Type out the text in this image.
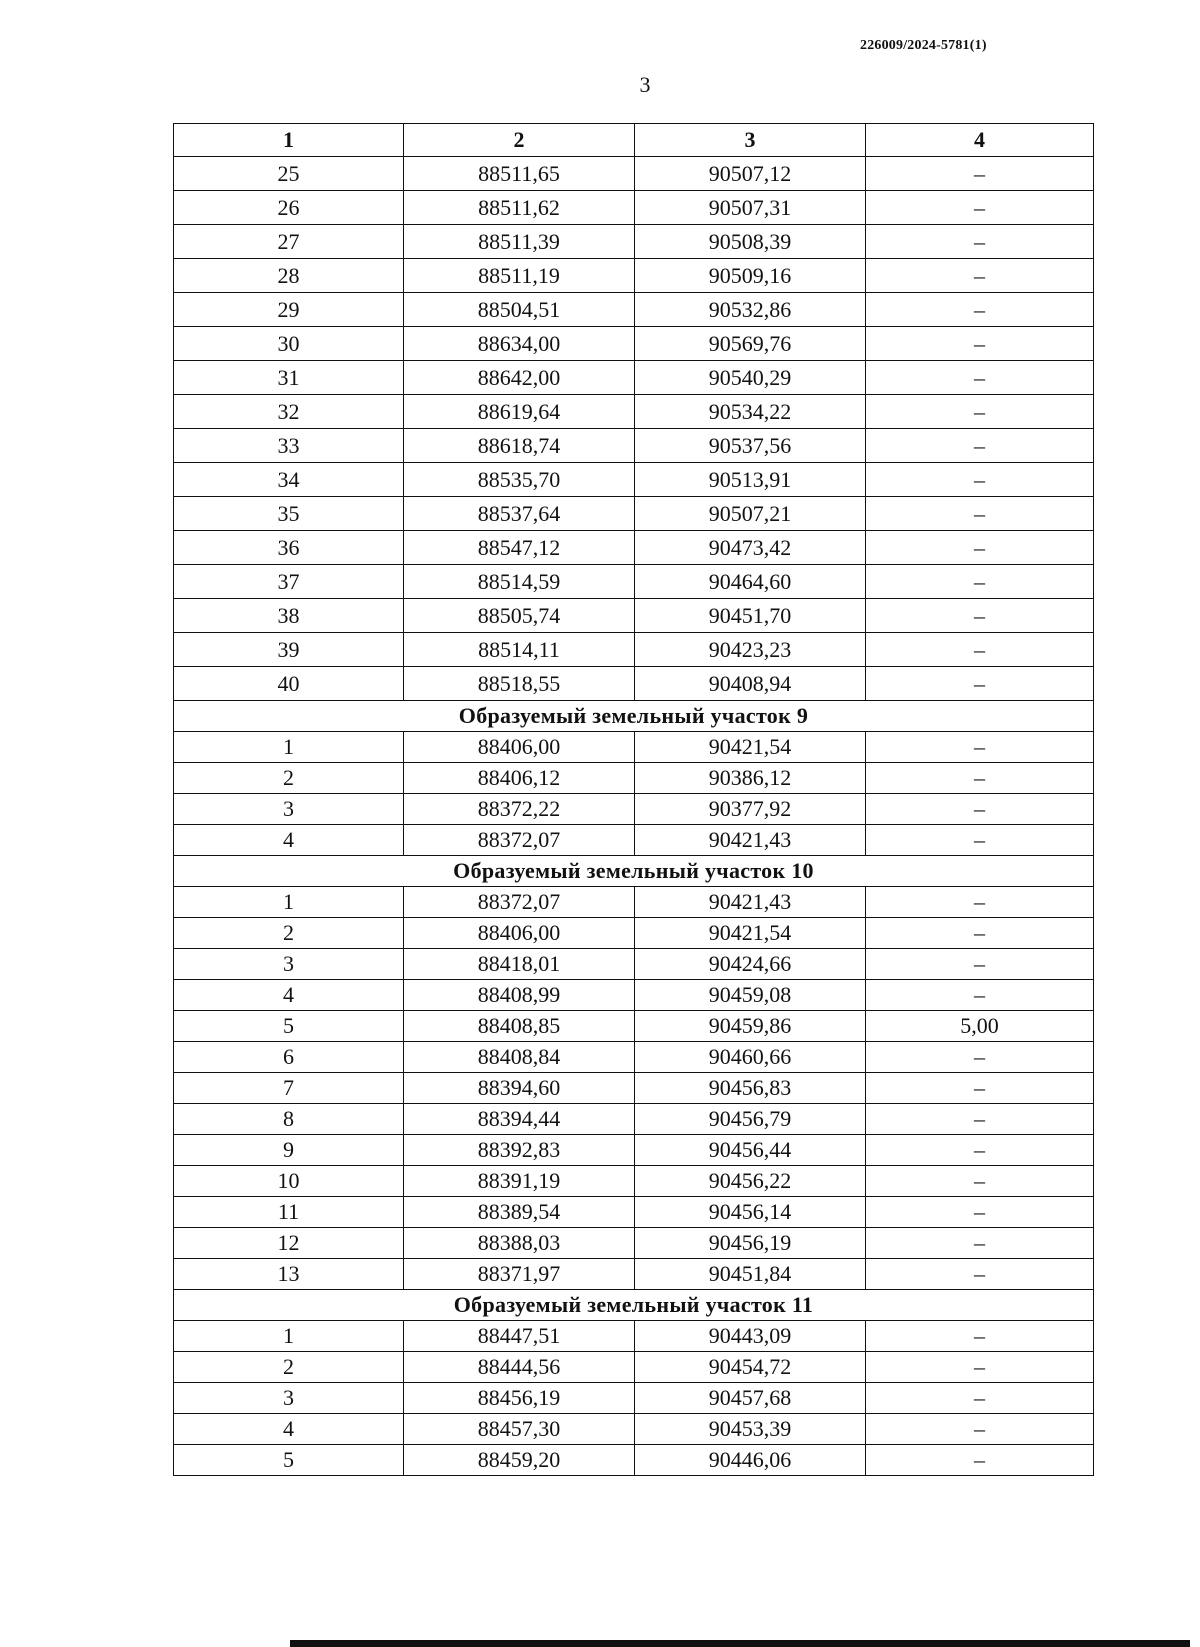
226009/2024-5781(1)
3
1	2	3	4
25	88511,65	90507,12	–
26	88511,62	90507,31	–
27	88511,39	90508,39	–
28	88511,19	90509,16	–
29	88504,51	90532,86	–
30	88634,00	90569,76	–
31	88642,00	90540,29	–
32	88619,64	90534,22	–
33	88618,74	90537,56	–
34	88535,70	90513,91	–
35	88537,64	90507,21	–
36	88547,12	90473,42	–
37	88514,59	90464,60	–
38	88505,74	90451,70	–
39	88514,11	90423,23	–
40	88518,55	90408,94	–
Образуемый земельный участок 9			
1	88406,00	90421,54	–
2	88406,12	90386,12	–
3	88372,22	90377,92	–
4	88372,07	90421,43	–
Образуемый земельный участок 10			
1	88372,07	90421,43	–
2	88406,00	90421,54	–
3	88418,01	90424,66	–
4	88408,99	90459,08	–
5	88408,85	90459,86	5,00
6	88408,84	90460,66	–
7	88394,60	90456,83	–
8	88394,44	90456,79	–
9	88392,83	90456,44	–
10	88391,19	90456,22	–
11	88389,54	90456,14	–
12	88388,03	90456,19	–
13	88371,97	90451,84	–
Образуемый земельный участок 11			
1	88447,51	90443,09	–
2	88444,56	90454,72	–
3	88456,19	90457,68	–
4	88457,30	90453,39	–
5	88459,20	90446,06	–
